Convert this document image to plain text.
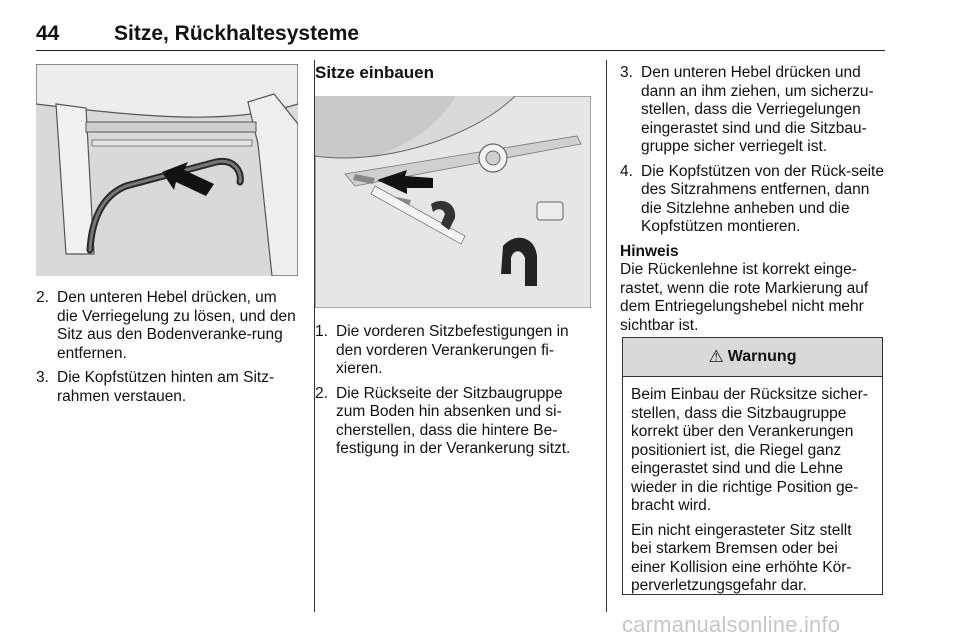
44	Sitze, Rückhaltesysteme
2. Den unteren Hebel drücken, um die Verriegelung zu lösen, und den Sitz aus den Bodenveranke-rung entfernen.
3. Die Kopfstützen hinten am Sitz-rahmen verstauen.
Sitze einbauen
1. Die vorderen Sitzbefestigungen in den vorderen Verankerungen fi-xieren.
2. Die Rückseite der Sitzbaugruppe zum Boden hin absenken und si-cherstellen, dass die hintere Be-festigung in der Verankerung sitzt.
3. Den unteren Hebel drücken und dann an ihm ziehen, um sicherzu-stellen, dass die Verriegelungen eingerastet sind und die Sitzbau-gruppe sicher verriegelt ist.
4. Die Kopfstützen von der Rück-seite des Sitzrahmens entfernen, dann die Sitzlehne anheben und die Kopfstützen montieren.
Hinweis

Die Rückenlehne ist korrekt einge-rastet, wenn die rote Markierung auf dem Entriegelungshebel nicht mehr sichtbar ist.

⚠ Warnung

Beim Einbau der Rücksitze sicher-stellen, dass die Sitzbaugruppe korrekt über den Verankerungen positioniert ist, die Riegel ganz eingerastet sind und die Lehne wieder in die richtige Position ge-bracht wird.

Ein nicht eingerasteter Sitz stellt bei starkem Bremsen oder bei einer Kollision eine erhöhte Kör-perverletzungsgefahr dar.

carmanualsonline.info
